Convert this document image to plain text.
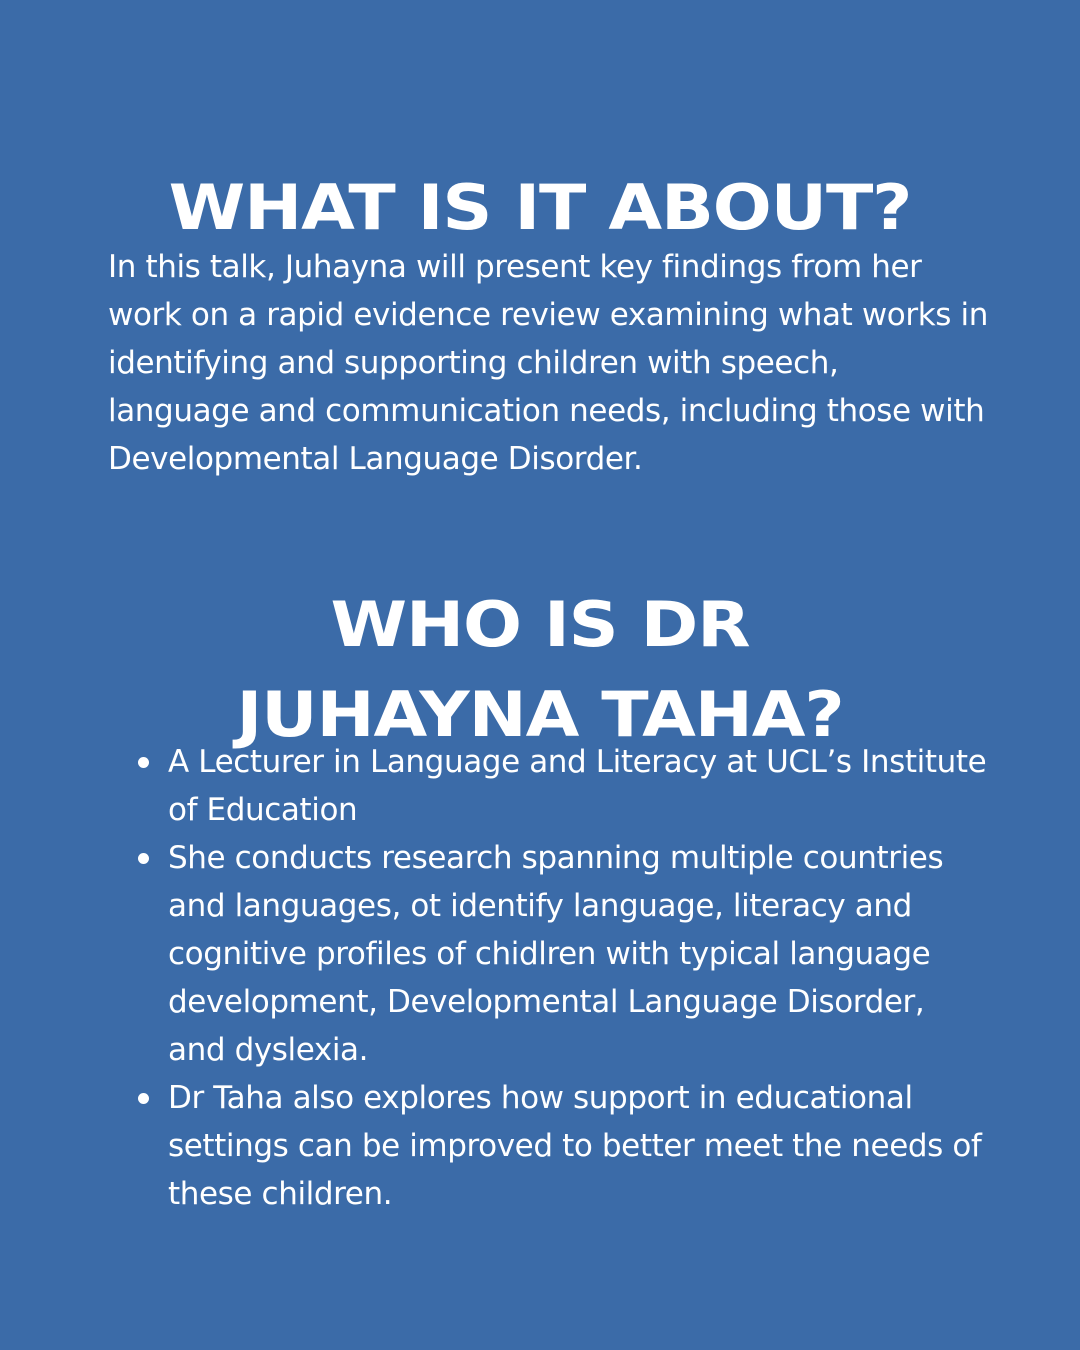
WHAT IS IT ABOUT?

In this talk, Juhayna will present key findings from her work on a rapid evidence review examining what works in identifying and supporting children with speech, language and communication needs, including those with Developmental Language Disorder.

WHO IS DR
JUHAYNA TAHA?
A Lecturer in Language and Literacy at UCL’s Institute of Education
She conducts research spanning multiple countries and languages, ot identify language, literacy and cognitive profiles of chidlren with typical language development, Developmental Language Disorder, and dyslexia.
Dr Taha also explores how support in educational settings can be improved to better meet the needs of these children.
